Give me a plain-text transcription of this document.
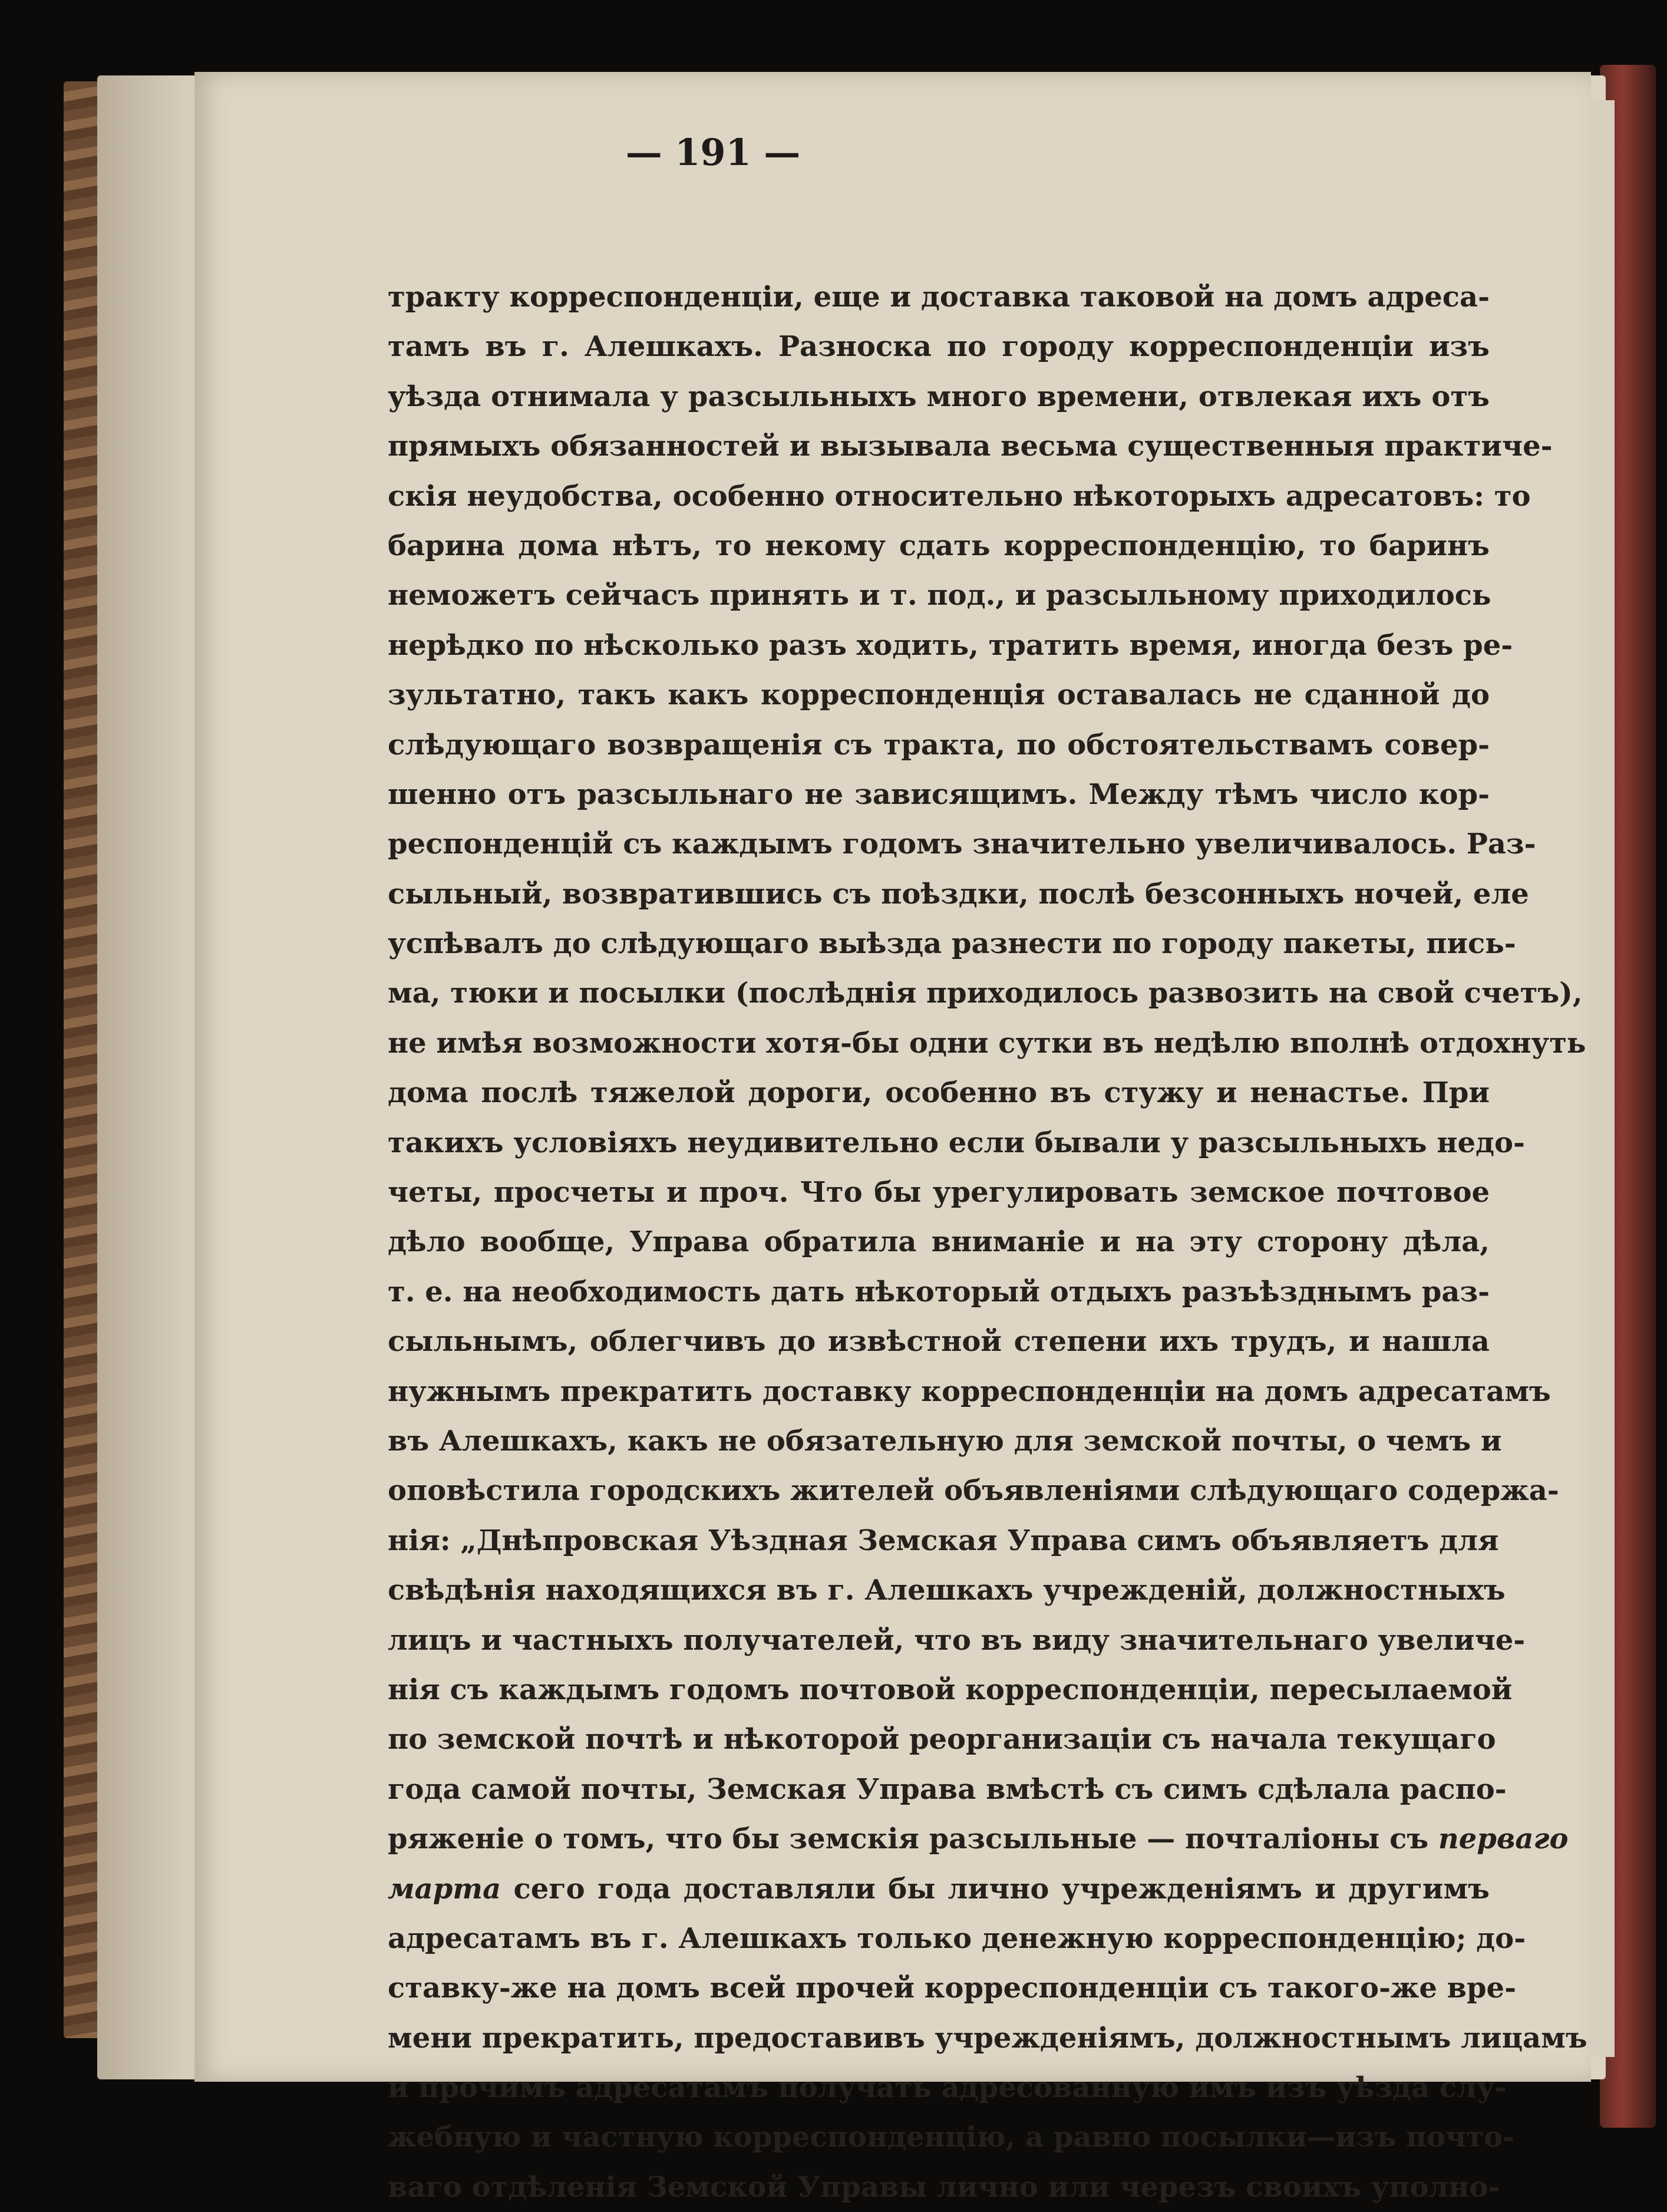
— 191 —
тракту корреспонденціи, еще и доставка таковой на домъ адреса-
тамъ въ г. Алешкахъ. Разноска по городу корреспонденціи изъ
уѣзда отнимала у разсыльныхъ много времени, отвлекая ихъ отъ
прямыхъ обязанностей и вызывала весьма существенныя практиче-
скія неудобства, особенно относительно нѣкоторыхъ адресатовъ: то
барина дома нѣтъ, то некому сдать корреспонденцію, то баринъ
неможетъ сейчасъ принять и т. под., и разсыльному приходилось
нерѣдко по нѣсколько разъ ходить, тратить время, иногда безъ ре-
зультатно, такъ какъ корреспонденція оставалась не сданной до
слѣдующаго возвращенія съ тракта, по обстоятельствамъ совер-
шенно отъ разсыльнаго не зависящимъ. Между тѣмъ число кор-
респонденцій съ каждымъ годомъ значительно увеличивалось. Раз-
сыльный, возвратившись съ поѣздки, послѣ безсонныхъ ночей, еле
успѣвалъ до слѣдующаго выѣзда разнести по городу пакеты, пись-
ма, тюки и посылки (послѣднія приходилось развозить на свой счетъ),
не имѣя возможности хотя-бы одни сутки въ недѣлю вполнѣ отдохнуть
дома послѣ тяжелой дороги, особенно въ стужу и ненастье. При
такихъ условіяхъ неудивительно если бывали у разсыльныхъ недо-
четы, просчеты и проч. Что бы урегулировать земское почтовое
дѣло вообще, Управа обратила вниманіе и на эту сторону дѣла,
т. е. на необходимость дать нѣкоторый отдыхъ разъѣзднымъ раз-
сыльнымъ, облегчивъ до извѣстной степени ихъ трудъ, и нашла
нужнымъ прекратить доставку корреспонденціи на домъ адресатамъ
въ Алешкахъ, какъ не обязательную для земской почты, о чемъ и
оповѣстила городскихъ жителей объявленіями слѣдующаго содержа-
нія: „Днѣпровская Уѣздная Земская Управа симъ объявляетъ для
свѣдѣнія находящихся въ г. Алешкахъ учрежденій, должностныхъ
лицъ и частныхъ получателей, что въ виду значительнаго увеличе-
нія съ каждымъ годомъ почтовой корреспонденціи, пересылаемой
по земской почтѣ и нѣкоторой реорганизаціи съ начала текущаго
года самой почты, Земская Управа вмѣстѣ съ симъ сдѣлала распо-
ряженіе о томъ, что бы земскія разсыльные — почталіоны съ перваго
марта сего года доставляли бы лично учрежденіямъ и другимъ
адресатамъ въ г. Алешкахъ только денежную корреспонденцію; до-
ставку-же на домъ всей прочей корреспонденціи съ такого-же вре-
мени прекратить, предоставивъ учрежденіямъ, должностнымъ лицамъ
и прочимъ адресатамъ получать адресованную имъ изъ уѣзда слу-
жебную и частную корреспонденцію, а равно посылки—изъ почто-
ваго отдѣленія Земской Управы лично или черезъ своихъ уполно-
